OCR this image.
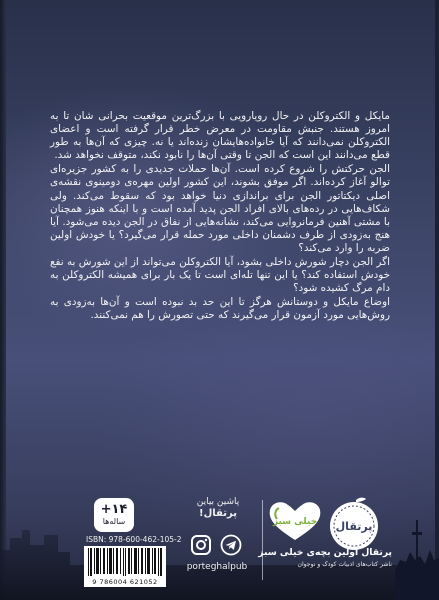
مایکل و الکتروکلن در حال رویارویی با بزرگ‌ترین موقعیت بحرانی شان تا به امروز هستند. جنبش مقاومت در معرض خطر قرار گرفته است و اعضای الکتروکلن نمی‌دانند که آیا خانواده‌هایشان زنده‌اند یا نه. چیزی که آن‌ها به طور قطع می‌دانند این است که الجن تا وقتی آن‌ها را نابود نکند، متوقف نخواهد شد.

الجن حرکتش را شروع کرده است. آن‌ها حملات جدیدی را به کشور جزیره‌ای توالو آغاز کرده‌اند. اگر موفق بشوند، این کشور اولین مهره‌ی دومینوی نقشه‌ی اصلی دیکتاتور الجن برای براندازی دنیا خواهد بود که سقوط می‌کند. ولی شکاف‌هایی در رده‌های بالای افراد الجن پدید آمده است و با اینکه هنوز همچنان با مشتی آهنین فرمانروایی می‌کند، نشانه‌هایی از نفاق در الجن دیده می‌شود. آیا هنج به‌زودی از طرف دشمنان داخلی مورد حمله قرار می‌گیرد؟ یا خودش اولین ضربه را وارد می‌کند؟

اگر الجن دچار شورش داخلی بشود، آیا الکتروکلن می‌تواند از این شورش به نفع خودش استفاده کند؟ یا این تنها تله‌ای است تا یک بار برای همیشه الکتروکلن به دام مرگ کشیده شود؟

اوضاع مایکل و دوستانش هرگز تا این حد بد نبوده است و آن‌ها به‌زودی به روش‌هایی مورد آزمون قرار می‌گیرند که حتی تصورش را هم نمی‌کنند.

+۱۴
ساله‌ها
ISBN: 978-600-462-105-2
9 786004 621052
پاشین بیاین
پرتقال!
porteghalpub
خیلی سبز پرتقال
پرتقال اولین بچه‌ی خیلی سبز
ناشر کتاب‌های ادبیات کودک و نوجوان
